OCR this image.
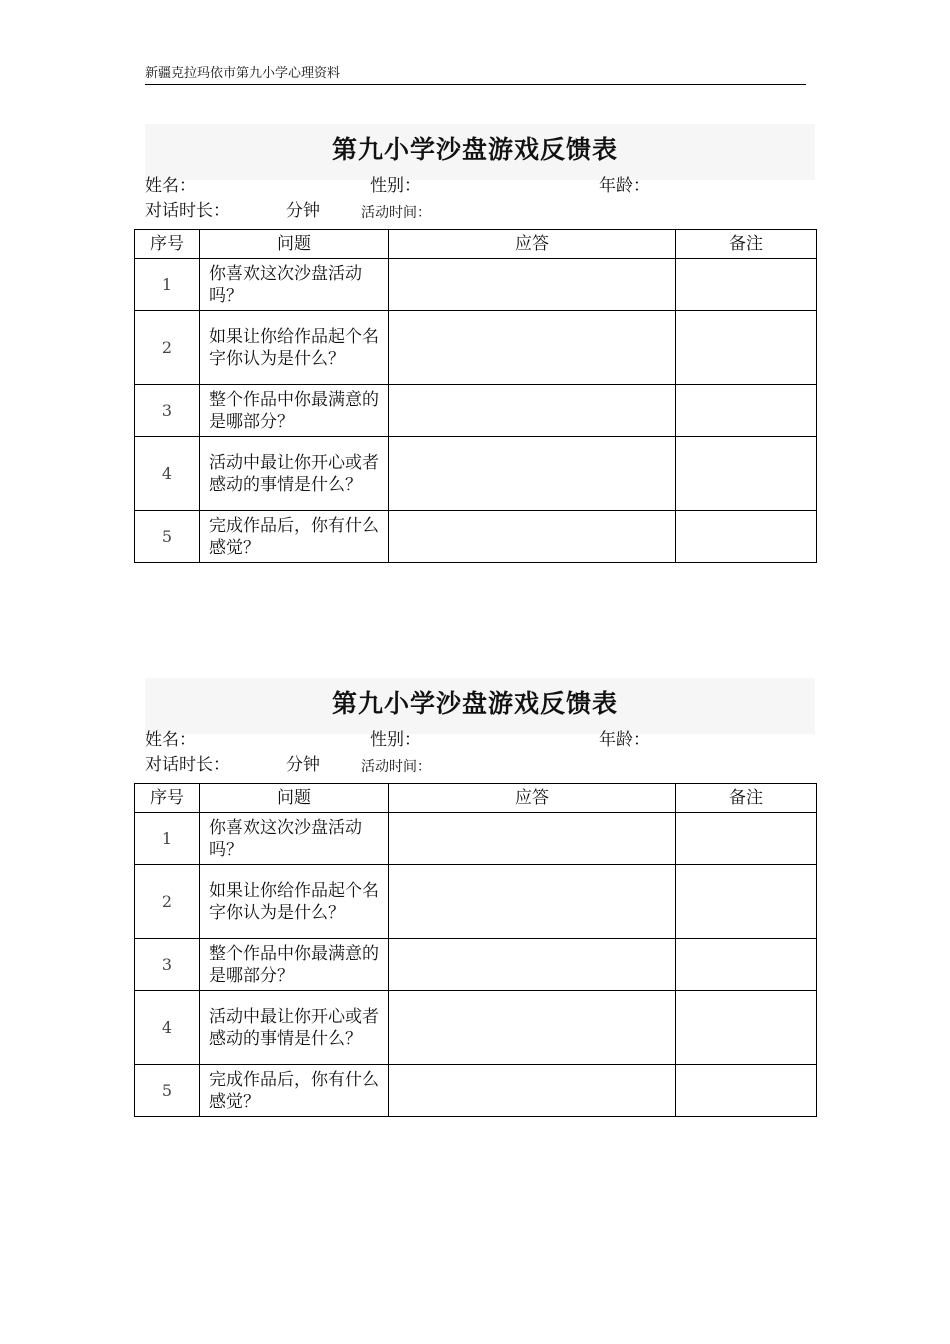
新疆克拉玛依市第九小学心理资料
第九小学沙盘游戏反馈表
姓名：	性别：	年龄：
对话时长：	分钟	活动时间：
序号	问题	应答	备注
1	你喜欢这次沙盘活动吗？		
2	如果让你给作品起个名字你认为是什么？		
3	整个作品中你最满意的是哪部分？		
4	活动中最让你开心或者感动的事情是什么？		
5	完成作品后，你有什么感觉？		
第九小学沙盘游戏反馈表
姓名：	性别：	年龄：
对话时长：	分钟	活动时间：
序号	问题	应答	备注
1	你喜欢这次沙盘活动吗？		
2	如果让你给作品起个名字你认为是什么？		
3	整个作品中你最满意的是哪部分？		
4	活动中最让你开心或者感动的事情是什么？		
5	完成作品后，你有什么感觉？		
